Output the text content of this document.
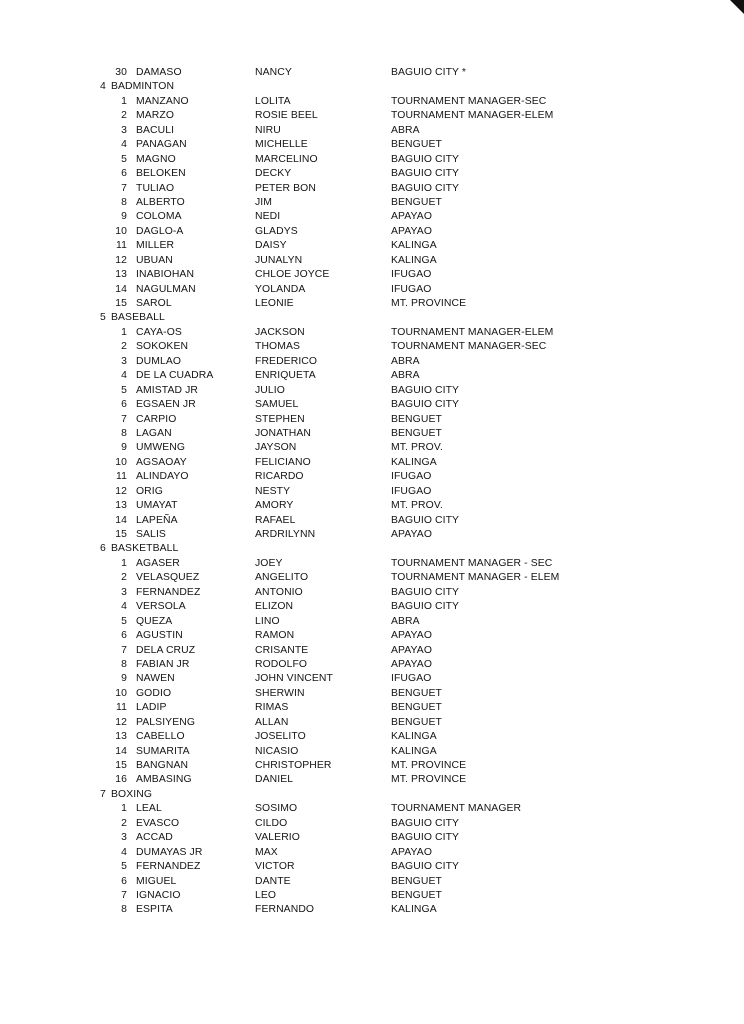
30 DAMASO	NANCY	BAGUIO CITY *
4 BADMINTON
1 MANZANO	LOLITA	TOURNAMENT MANAGER-SEC
2 MARZO	ROSIE BEEL	TOURNAMENT MANAGER-ELEM
3 BACULI	NIRU	ABRA
4 PANAGAN	MICHELLE	BENGUET
5 MAGNO	MARCELINO	BAGUIO CITY
6 BELOKEN	DECKY	BAGUIO CITY
7 TULIAO	PETER BON	BAGUIO CITY
8 ALBERTO	JIM	BENGUET
9 COLOMA	NEDI	APAYAO
10 DAGLO-A	GLADYS	APAYAO
11 MILLER	DAISY	KALINGA
12 UBUAN	JUNALYN	KALINGA
13 INABIOHAN	CHLOE JOYCE	IFUGAO
14 NAGULMAN	YOLANDA	IFUGAO
15 SAROL	LEONIE	MT. PROVINCE
5 BASEBALL
1 CAYA-OS	JACKSON	TOURNAMENT MANAGER-ELEM
2 SOKOKEN	THOMAS	TOURNAMENT MANAGER-SEC
3 DUMLAO	FREDERICO	ABRA
4 DE LA CUADRA	ENRIQUETA	ABRA
5 AMISTAD JR	JULIO	BAGUIO CITY
6 EGSAEN JR	SAMUEL	BAGUIO CITY
7 CARPIO	STEPHEN	BENGUET
8 LAGAN	JONATHAN	BENGUET
9 UMWENG	JAYSON	MT. PROV.
10 AGSAOAY	FELICIANO	KALINGA
11 ALINDAYO	RICARDO	IFUGAO
12 ORIG	NESTY	IFUGAO
13 UMAYAT	AMORY	MT. PROV.
14 LAPEÑA	RAFAEL	BAGUIO CITY
15 SALIS	ARDRILYNN	APAYAO
6 BASKETBALL
1 AGASER	JOEY	TOURNAMENT MANAGER - SEC
2 VELASQUEZ	ANGELITO	TOURNAMENT MANAGER - ELEM
3 FERNANDEZ	ANTONIO	BAGUIO CITY
4 VERSOLA	ELIZON	BAGUIO CITY
5 QUEZA	LINO	ABRA
6 AGUSTIN	RAMON	APAYAO
7 DELA CRUZ	CRISANTE	APAYAO
8 FABIAN JR	RODOLFO	APAYAO
9 NAWEN	JOHN VINCENT	IFUGAO
10 GODIO	SHERWIN	BENGUET
11 LADIP	RIMAS	BENGUET
12 PALSIYENG	ALLAN	BENGUET
13 CABELLO	JOSELITO	KALINGA
14 SUMARITA	NICASIO	KALINGA
15 BANGNAN	CHRISTOPHER	MT. PROVINCE
16 AMBASING	DANIEL	MT. PROVINCE
7 BOXING
1 LEAL	SOSIMO	TOURNAMENT MANAGER
2 EVASCO	CILDO	BAGUIO CITY
3 ACCAD	VALERIO	BAGUIO CITY
4 DUMAYAS JR	MAX	APAYAO
5 FERNANDEZ	VICTOR	BAGUIO CITY
6 MIGUEL	DANTE	BENGUET
7 IGNACIO	LEO	BENGUET
8 ESPITA	FERNANDO	KALINGA
